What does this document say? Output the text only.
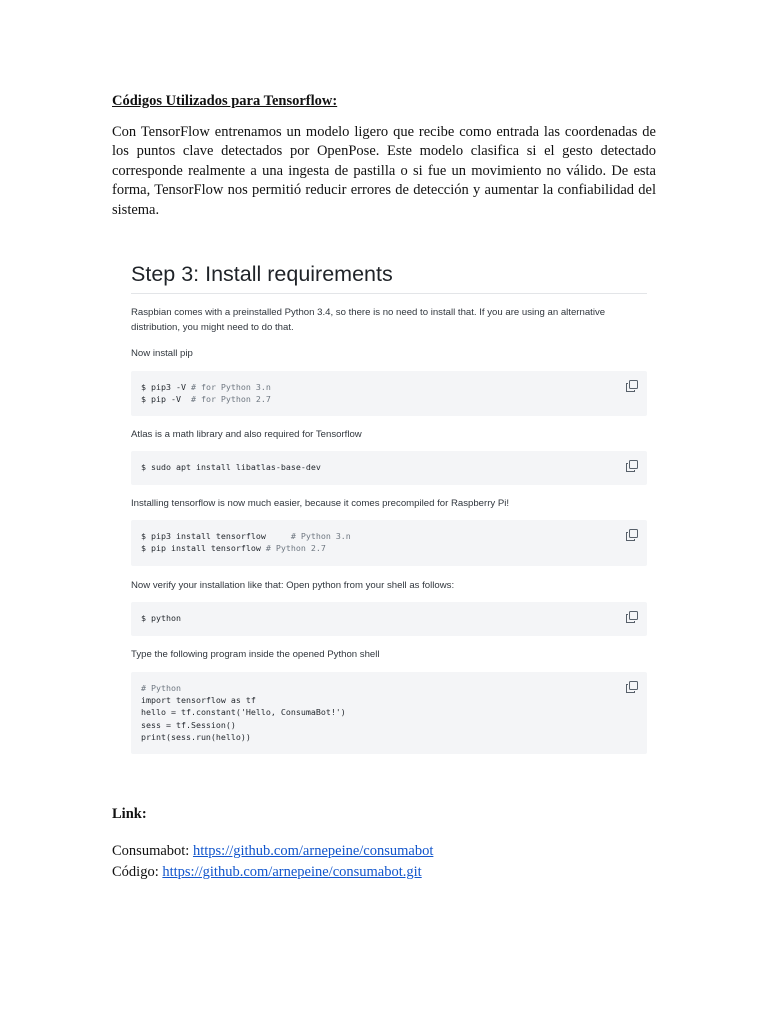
Códigos Utilizados para Tensorflow:

Con TensorFlow entrenamos un modelo ligero que recibe como entrada las coordenadas de los puntos clave detectados por OpenPose. Este modelo clasifica si el gesto detectado corresponde realmente a una ingesta de pastilla o si fue un movimiento no válido. De esta forma, TensorFlow nos permitió reducir errores de detección y aumentar la confiabilidad del sistema.

Step 3: Install requirements

Raspbian comes with a preinstalled Python 3.4, so there is no need to install that. If you are using an alternative

distribution, you might need to do that.

Now install pip

$ pip3 -V # for Python 3.n
$ pip -V  # for Python 2.7

Atlas is a math library and also required for Tensorflow

$ sudo apt install libatlas-base-dev

Installing tensorflow is now much easier, because it comes precompiled for Raspberry Pi!

$ pip3 install tensorflow     # Python 3.n
$ pip install tensorflow # Python 2.7

Now verify your installation like that: Open python from your shell as follows:

$ python

Type the following program inside the opened Python shell

# Python
import tensorflow as tf
hello = tf.constant('Hello, ConsumaBot!')
sess = tf.Session()
print(sess.run(hello))

Link:

Consumabot: https://github.com/arnepeine/consumabot

Código: https://github.com/arnepeine/consumabot.git
